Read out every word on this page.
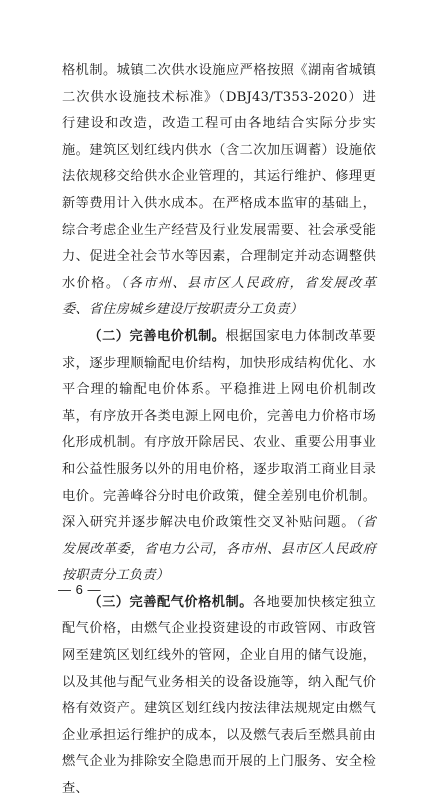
格机制。城镇二次供水设施应严格按照《湖南省城镇二次供水设施技术标准》（DBJ43/T353-2020）进行建设和改造，改造工程可由各地结合实际分步实施。建筑区划红线内供水（含二次加压调蓄）设施依法依规移交给供水企业管理的，其运行维护、修理更新等费用计入供水成本。在严格成本监审的基础上，综合考虑企业生产经营及行业发展需要、社会承受能力、促进全社会节水等因素，合理制定并动态调整供水价格。（各市州、县市区人民政府，省发展改革委、省住房城乡建设厅按职责分工负责）

（二）完善电价机制。根据国家电力体制改革要求，逐步理顺输配电价结构，加快形成结构优化、水平合理的输配电价体系。平稳推进上网电价机制改革，有序放开各类电源上网电价，完善电力价格市场化形成机制。有序放开除居民、农业、重要公用事业和公益性服务以外的用电价格，逐步取消工商业目录电价。完善峰谷分时电价政策，健全差别电价机制。深入研究并逐步解决电价政策性交叉补贴问题。（省发展改革委，省电力公司，各市州、县市区人民政府按职责分工负责）

（三）完善配气价格机制。各地要加快核定独立配气价格，由燃气企业投资建设的市政管网、市政管网至建筑区划红线外的管网，企业自用的储气设施，以及其他与配气业务相关的设备设施等，纳入配气价格有效资产。建筑区划红线内按法律法规规定由燃气企业承担运行维护的成本，以及燃气表后至燃具前由燃气企业为排除安全隐患而开展的上门服务、安全检查、

— 6 —
